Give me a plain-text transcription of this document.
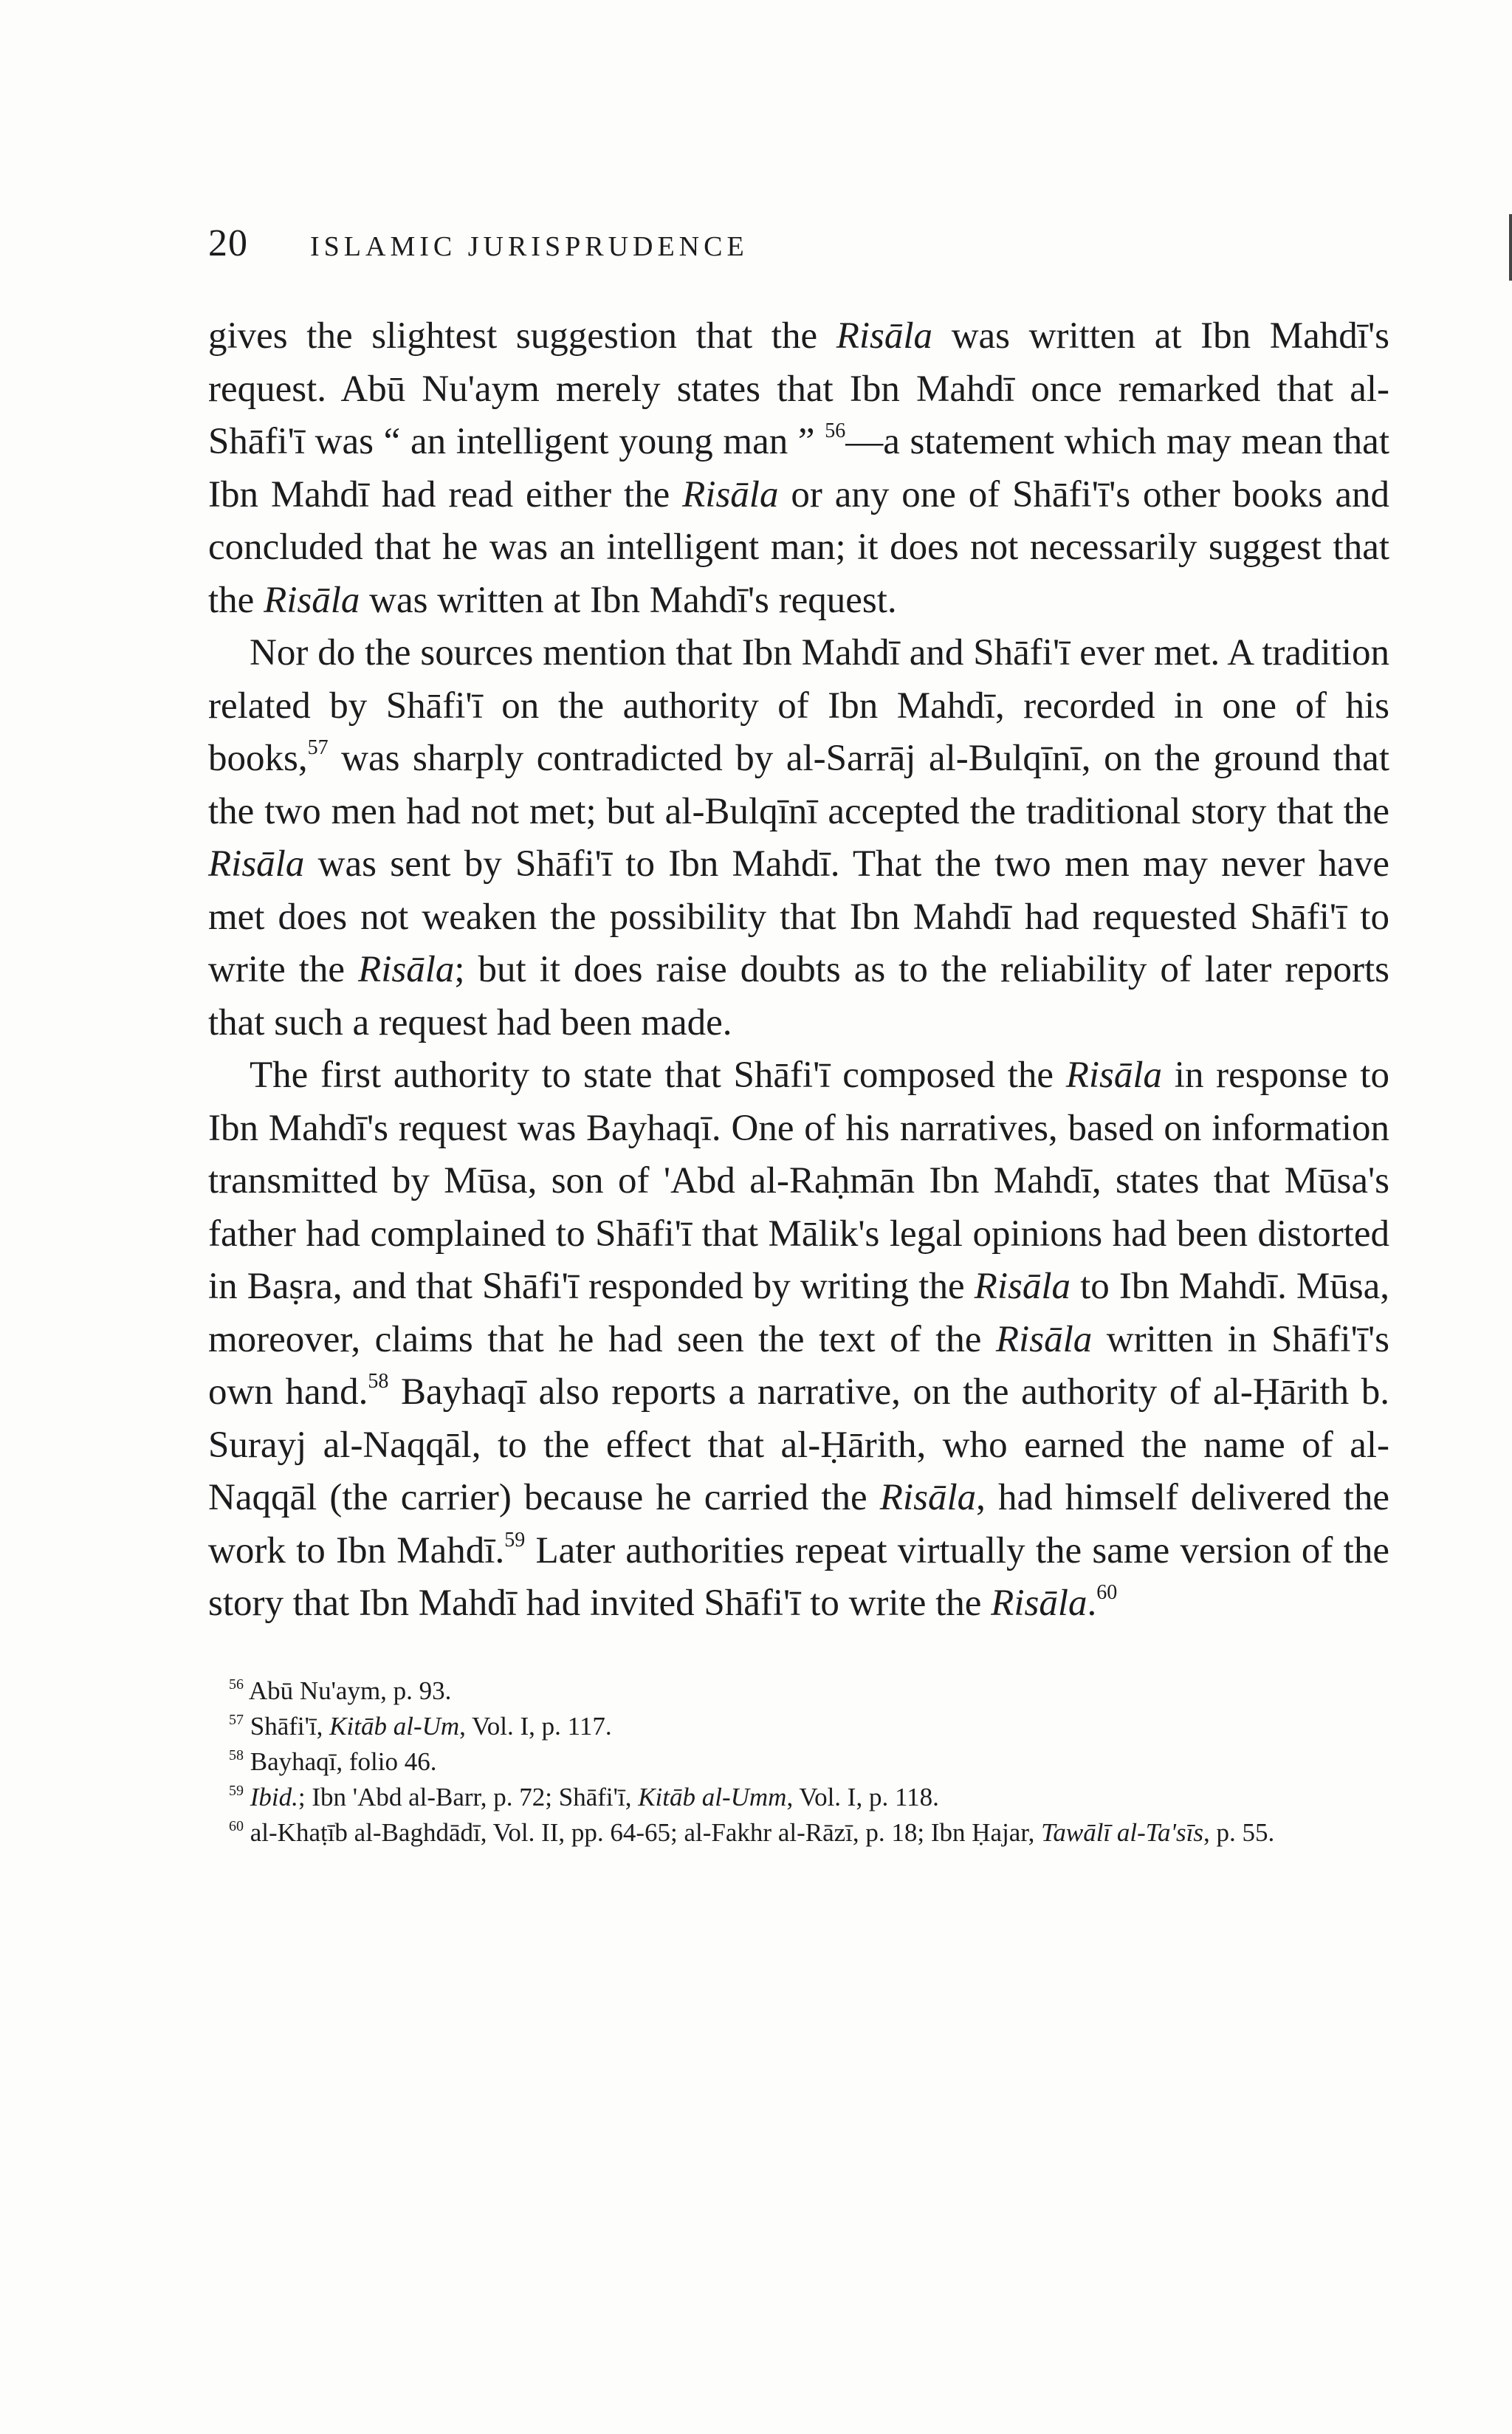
20 ISLAMIC JURISPRUDENCE

gives the slightest suggestion that the Risāla was written at Ibn Mahdī's request. Abū Nu'aym merely states that Ibn Mahdī once remarked that al-Shāfi'ī was “ an intelligent young man ” $^{56}$—a statement which may mean that Ibn Mahdī had read either the Risāla or any one of Shāfi'ī's other books and concluded that he was an intelligent man; it does not necessarily suggest that the Risāla was written at Ibn Mahdī's request.

Nor do the sources mention that Ibn Mahdī and Shāfi'ī ever met. A tradition related by Shāfi'ī on the authority of Ibn Mahdī, recorded in one of his books,$^{57}$ was sharply contradicted by al-Sarrāj al-Bulqīnī, on the ground that the two men had not met; but al-Bulqīnī accepted the traditional story that the Risāla was sent by Shāfi'ī to Ibn Mahdī. That the two men may never have met does not weaken the possibility that Ibn Mahdī had requested Shāfi'ī to write the Risāla; but it does raise doubts as to the reliability of later reports that such a request had been made.

The first authority to state that Shāfi'ī composed the Risāla in response to Ibn Mahdī's request was Bayhaqī. One of his narratives, based on information transmitted by Mūsa, son of 'Abd al-Raḥmān Ibn Mahdī, states that Mūsa's father had complained to Shāfi'ī that Mālik's legal opinions had been distorted in Baṣra, and that Shāfi'ī responded by writing the Risāla to Ibn Mahdī. Mūsa, moreover, claims that he had seen the text of the Risāla written in Shāfi'ī's own hand.$^{58}$ Bayhaqī also reports a narrative, on the authority of al-Ḥārith b. Surayj al-Naqqāl, to the effect that al-Ḥārith, who earned the name of al-Naqqāl (the carrier) because he carried the Risāla, had himself delivered the work to Ibn Mahdī.$^{59}$ Later authorities repeat virtually the same version of the story that Ibn Mahdī had invited Shāfi'ī to write the Risāla.$^{60}$

$^{56}$ Abū Nu'aym, p. 93.

$^{57}$ Shāfi'ī, Kitāb al-Um, Vol. I, p. 117.

$^{58}$ Bayhaqī, folio 46.

$^{59}$ Ibid.; Ibn 'Abd al-Barr, p. 72; Shāfi'ī, Kitāb al-Umm, Vol. I, p. 118.

$^{60}$ al-Khaṭīb al-Baghdādī, Vol. II, pp. 64-65; al-Fakhr al-Rāzī, p. 18; Ibn Ḥajar, Tawālī al-Ta'sīs, p. 55.
